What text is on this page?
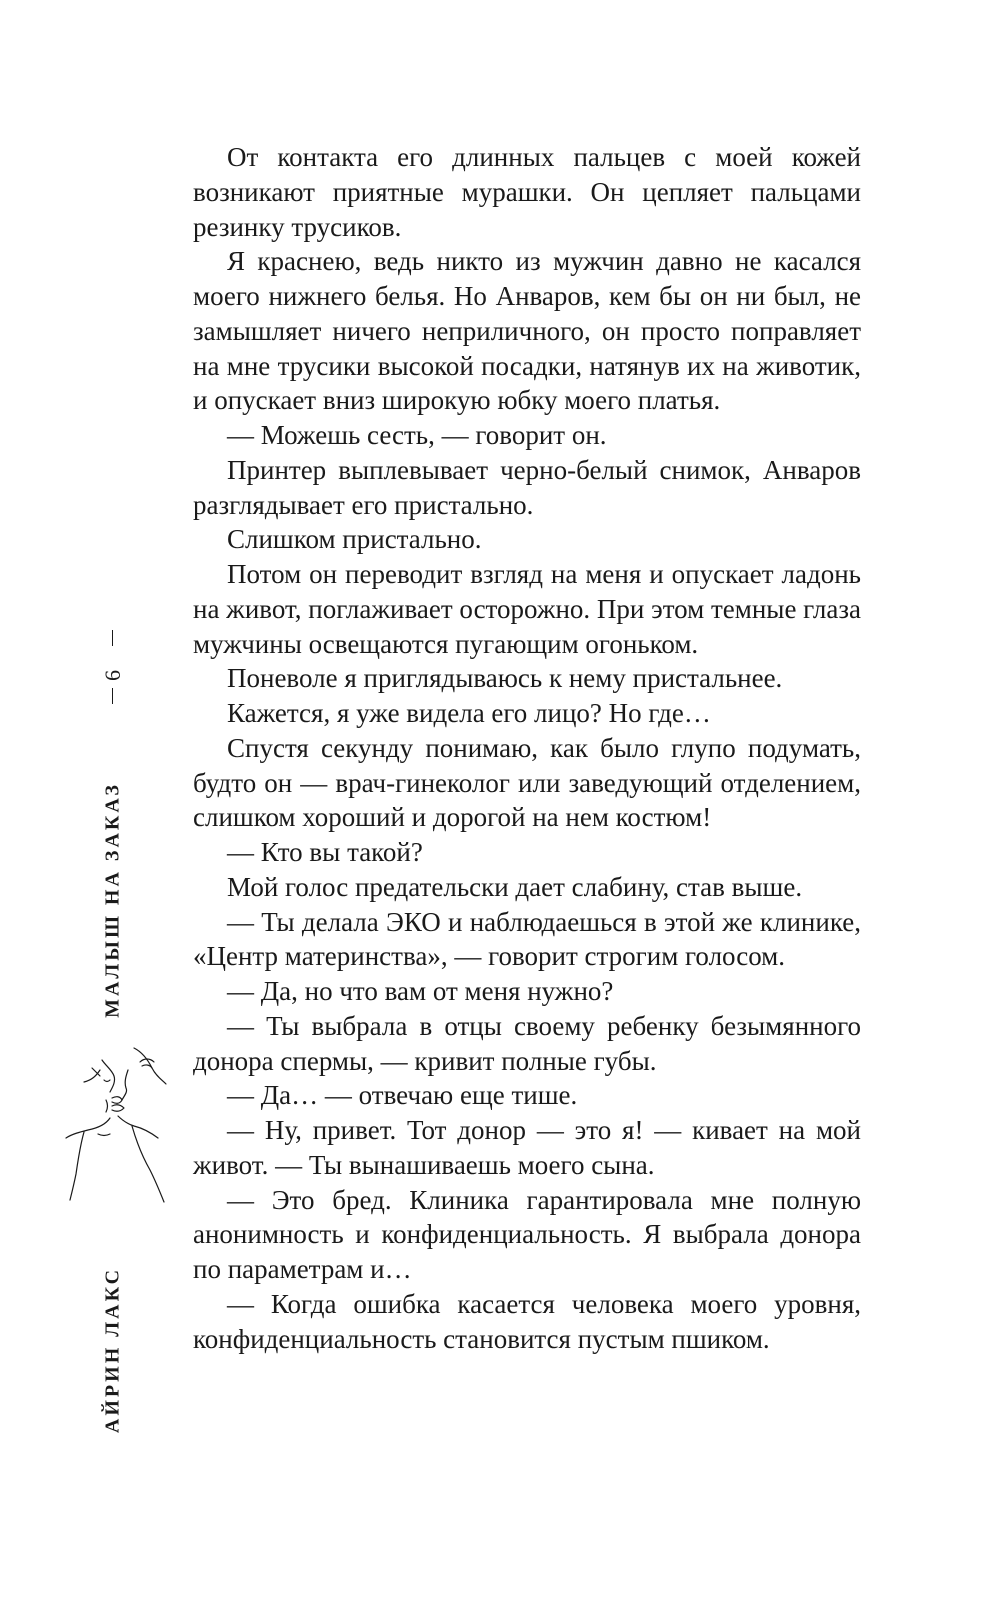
От контакта его длинных пальцев с моей кожей возникают приятные мурашки. Он цепляет пальцами резинку трусиков.

Я краснею, ведь никто из мужчин давно не касался моего нижнего белья. Но Анваров, кем бы он ни был, не замышляет ничего неприличного, он просто поправляет на мне трусики высокой посадки, натянув их на животик, и опускает вниз широкую юбку моего платья.

— Можешь сесть, — говорит он.

Принтер выплевывает черно-белый снимок, Анваров разглядывает его пристально.

Слишком пристально.

Потом он переводит взгляд на меня и опускает ладонь на живот, поглаживает осторожно. При этом темные глаза мужчины освещаются пугающим огоньком.

Поневоле я приглядываюсь к нему пристальнее.

Кажется, я уже видела его лицо? Но где…

Спустя секунду понимаю, как было глупо подумать, будто он — врач-гинеколог или заведующий отделением, слишком хороший и дорогой на нем костюм!

— Кто вы такой?

Мой голос предательски дает слабину, став выше.

— Ты делала ЭКО и наблюдаешься в этой же клинике, «Центр материнства», — говорит строгим голосом.

— Да, но что вам от меня нужно?

— Ты выбрала в отцы своему ребенку безымянного донора спермы, — кривит полные губы.

— Да… — отвечаю еще тише.

— Ну, привет. Тот донор — это я! — кивает на мой живот. — Ты вынашиваешь моего сына.

— Это бред. Клиника гарантировала мне полную анонимность и конфиденциальность. Я выбрала донора по параметрам и…

— Когда ошибка касается человека моего уровня, конфиденциальность становится пустым пшиком.

6
МАЛЫШ НА ЗАКАЗ
АЙРИН ЛАКС
